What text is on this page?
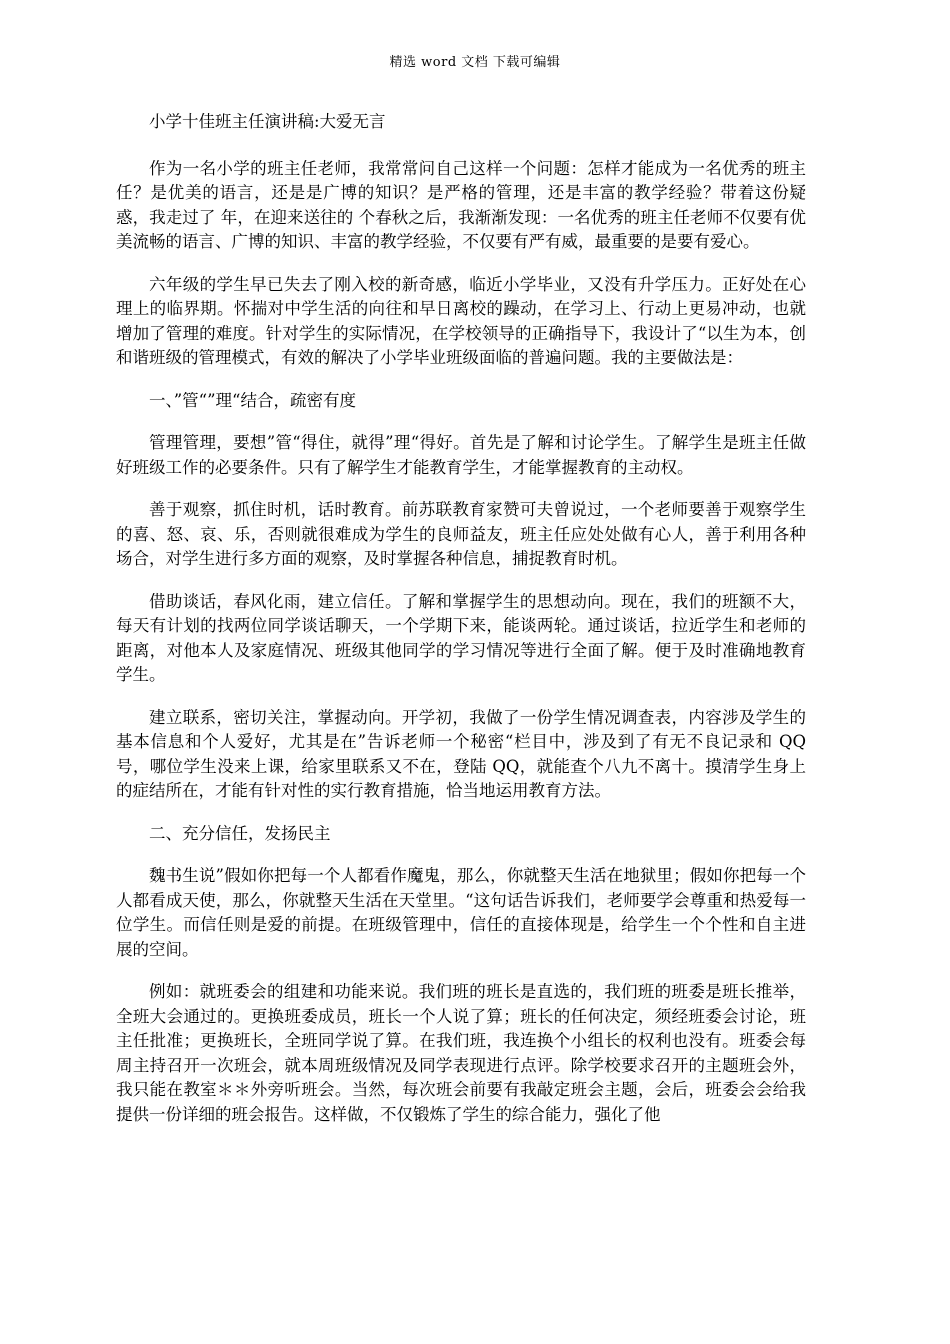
精选 word 文档 下载可编辑

小学十佳班主任演讲稿:大爱无言

作为一名小学的班主任老师，我常常问自己这样一个问题：怎样才能成为一名优秀的班主任？是优美的语言，还是是广博的知识？是严格的管理，还是丰富的教学经验？带着这份疑惑，我走过了 年，在迎来送往的 个春秋之后，我渐渐发现：一名优秀的班主任老师不仅要有优美流畅的语言、广博的知识、丰富的教学经验，不仅要有严有威，最重要的是要有爱心。

六年级的学生早已失去了刚入校的新奇感，临近小学毕业，又没有升学压力。正好处在心理上的临界期。怀揣对中学生活的向往和早日离校的躁动，在学习上、行动上更易冲动，也就增加了管理的难度。针对学生的实际情况，在学校领导的正确指导下，我设计了“以生为本，创和谐班级的管理模式，有效的解决了小学毕业班级面临的普遍问题。我的主要做法是：

一、”管“”理“结合，疏密有度

管理管理，要想”管“得住，就得”理“得好。首先是了解和讨论学生。了解学生是班主任做好班级工作的必要条件。只有了解学生才能教育学生，才能掌握教育的主动权。

善于观察，抓住时机，话时教育。前苏联教育家赞可夫曾说过，一个老师要善于观察学生的喜、怒、哀、乐，否则就很难成为学生的良师益友，班主任应处处做有心人，善于利用各种场合，对学生进行多方面的观察，及时掌握各种信息，捕捉教育时机。

借助谈话，春风化雨，建立信任。了解和掌握学生的思想动向。现在，我们的班额不大，每天有计划的找两位同学谈话聊天，一个学期下来，能谈两轮。通过谈话，拉近学生和老师的距离，对他本人及家庭情况、班级其他同学的学习情况等进行全面了解。便于及时准确地教育学生。

建立联系，密切关注，掌握动向。开学初，我做了一份学生情况调查表，内容涉及学生的基本信息和个人爱好，尤其是在”告诉老师一个秘密“栏目中，涉及到了有无不良记录和 QQ 号，哪位学生没来上课，给家里联系又不在，登陆 QQ，就能查个八九不离十。摸清学生身上的症结所在，才能有针对性的实行教育措施，恰当地运用教育方法。

二、充分信任，发扬民主

魏书生说”假如你把每一个人都看作魔鬼，那么，你就整天生活在地狱里；假如你把每一个人都看成天使，那么，你就整天生活在天堂里。“这句话告诉我们，老师要学会尊重和热爱每一位学生。而信任则是爱的前提。在班级管理中，信任的直接体现是，给学生一个个性和自主进展的空间。

例如：就班委会的组建和功能来说。我们班的班长是直选的，我们班的班委是班长推举，全班大会通过的。更换班委成员，班长一个人说了算；班长的任何决定，须经班委会讨论，班主任批准；更换班长，全班同学说了算。在我们班，我连换个小组长的权利也没有。班委会每周主持召开一次班会，就本周班级情况及同学表现进行点评。除学校要求召开的主题班会外，我只能在教室＊＊外旁听班会。当然，每次班会前要有我敲定班会主题，会后，班委会会给我提供一份详细的班会报告。这样做，不仅锻炼了学生的综合能力，强化了他
